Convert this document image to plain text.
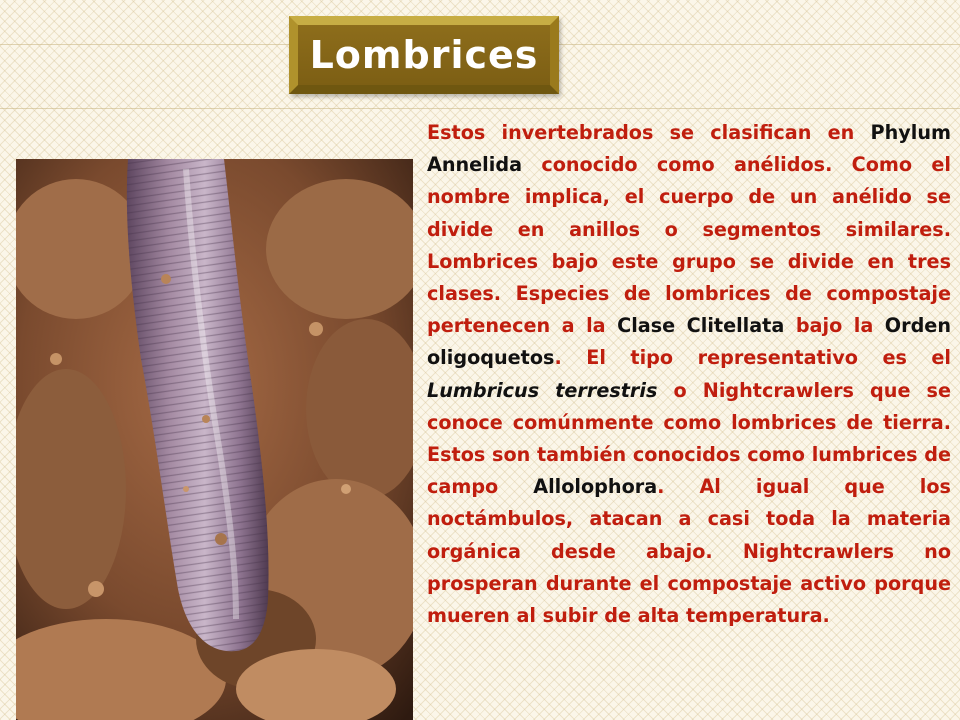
Lombrices

Estos invertebrados se clasifican en Phylum Annelida conocido como anélidos. Como el nombre implica, el cuerpo de un anélido se divide en anillos o segmentos similares. Lombrices bajo este grupo se divide en tres clases. Especies de lombrices de compostaje pertenecen a la Clase Clitellata bajo la Orden oligoquetos. El tipo representativo es el Lumbricus terrestris o Nightcrawlers que se conoce comúnmente como lombrices de tierra. Estos son también conocidos como lumbrices de campo Allolophora. Al igual que los noctámbulos, atacan a casi toda la materia orgánica desde abajo. Nightcrawlers no prosperan durante el compostaje activo porque mueren al subir de alta temperatura.
